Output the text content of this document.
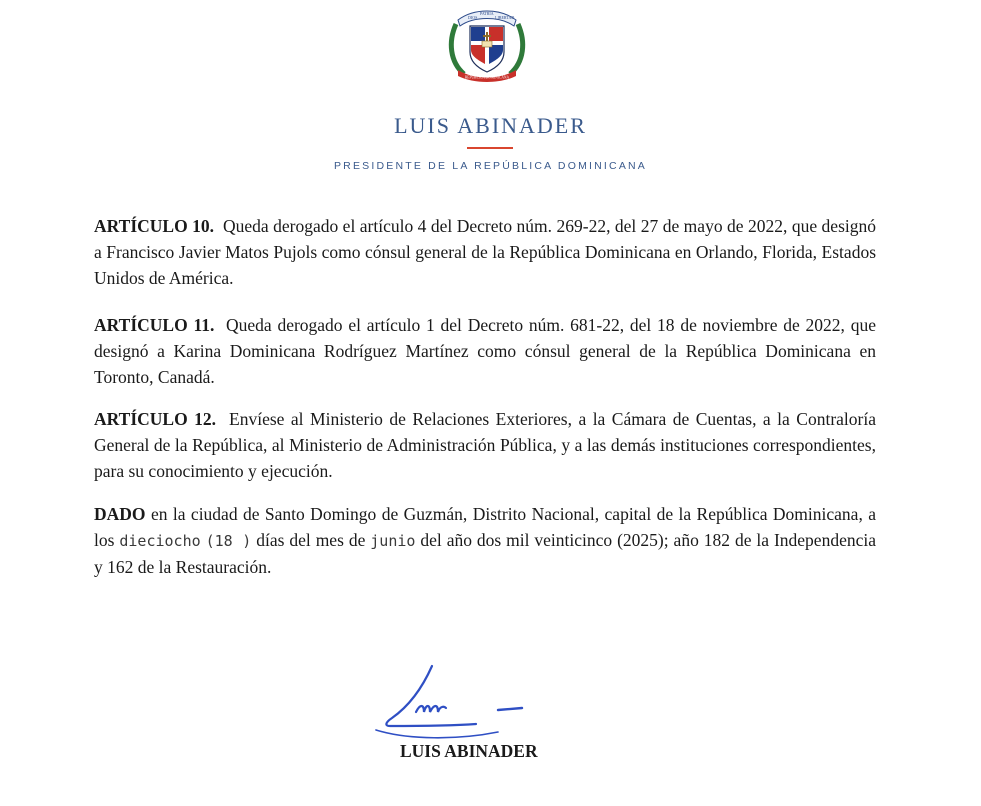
DIOS
PATRIA
LIBERTAD
REPÚBLICA DOMINICANA
LUIS ABINADER
PRESIDENTE DE LA REPÚBLICA DOMINICANA

ARTÍCULO 10. Queda derogado el artículo 4 del Decreto núm. 269-22, del 27 de mayo de 2022, que designó a Francisco Javier Matos Pujols como cónsul general de la República Dominicana en Orlando, Florida, Estados Unidos de América.

ARTÍCULO 11. Queda derogado el artículo 1 del Decreto núm. 681-22, del 18 de noviembre de 2022, que designó a Karina Dominicana Rodríguez Martínez como cónsul general de la República Dominicana en Toronto, Canadá.

ARTÍCULO 12. Envíese al Ministerio de Relaciones Exteriores, a la Cámara de Cuentas, a la Contraloría General de la República, al Ministerio de Administración Pública, y a las demás instituciones correspondientes, para su conocimiento y ejecución.

DADO en la ciudad de Santo Domingo de Guzmán, Distrito Nacional, capital de la República Dominicana, a los dieciocho (18 ) días del mes de junio del año dos mil veinticinco (2025); año 182 de la Independencia y 162 de la Restauración.

LUIS ABINADER
